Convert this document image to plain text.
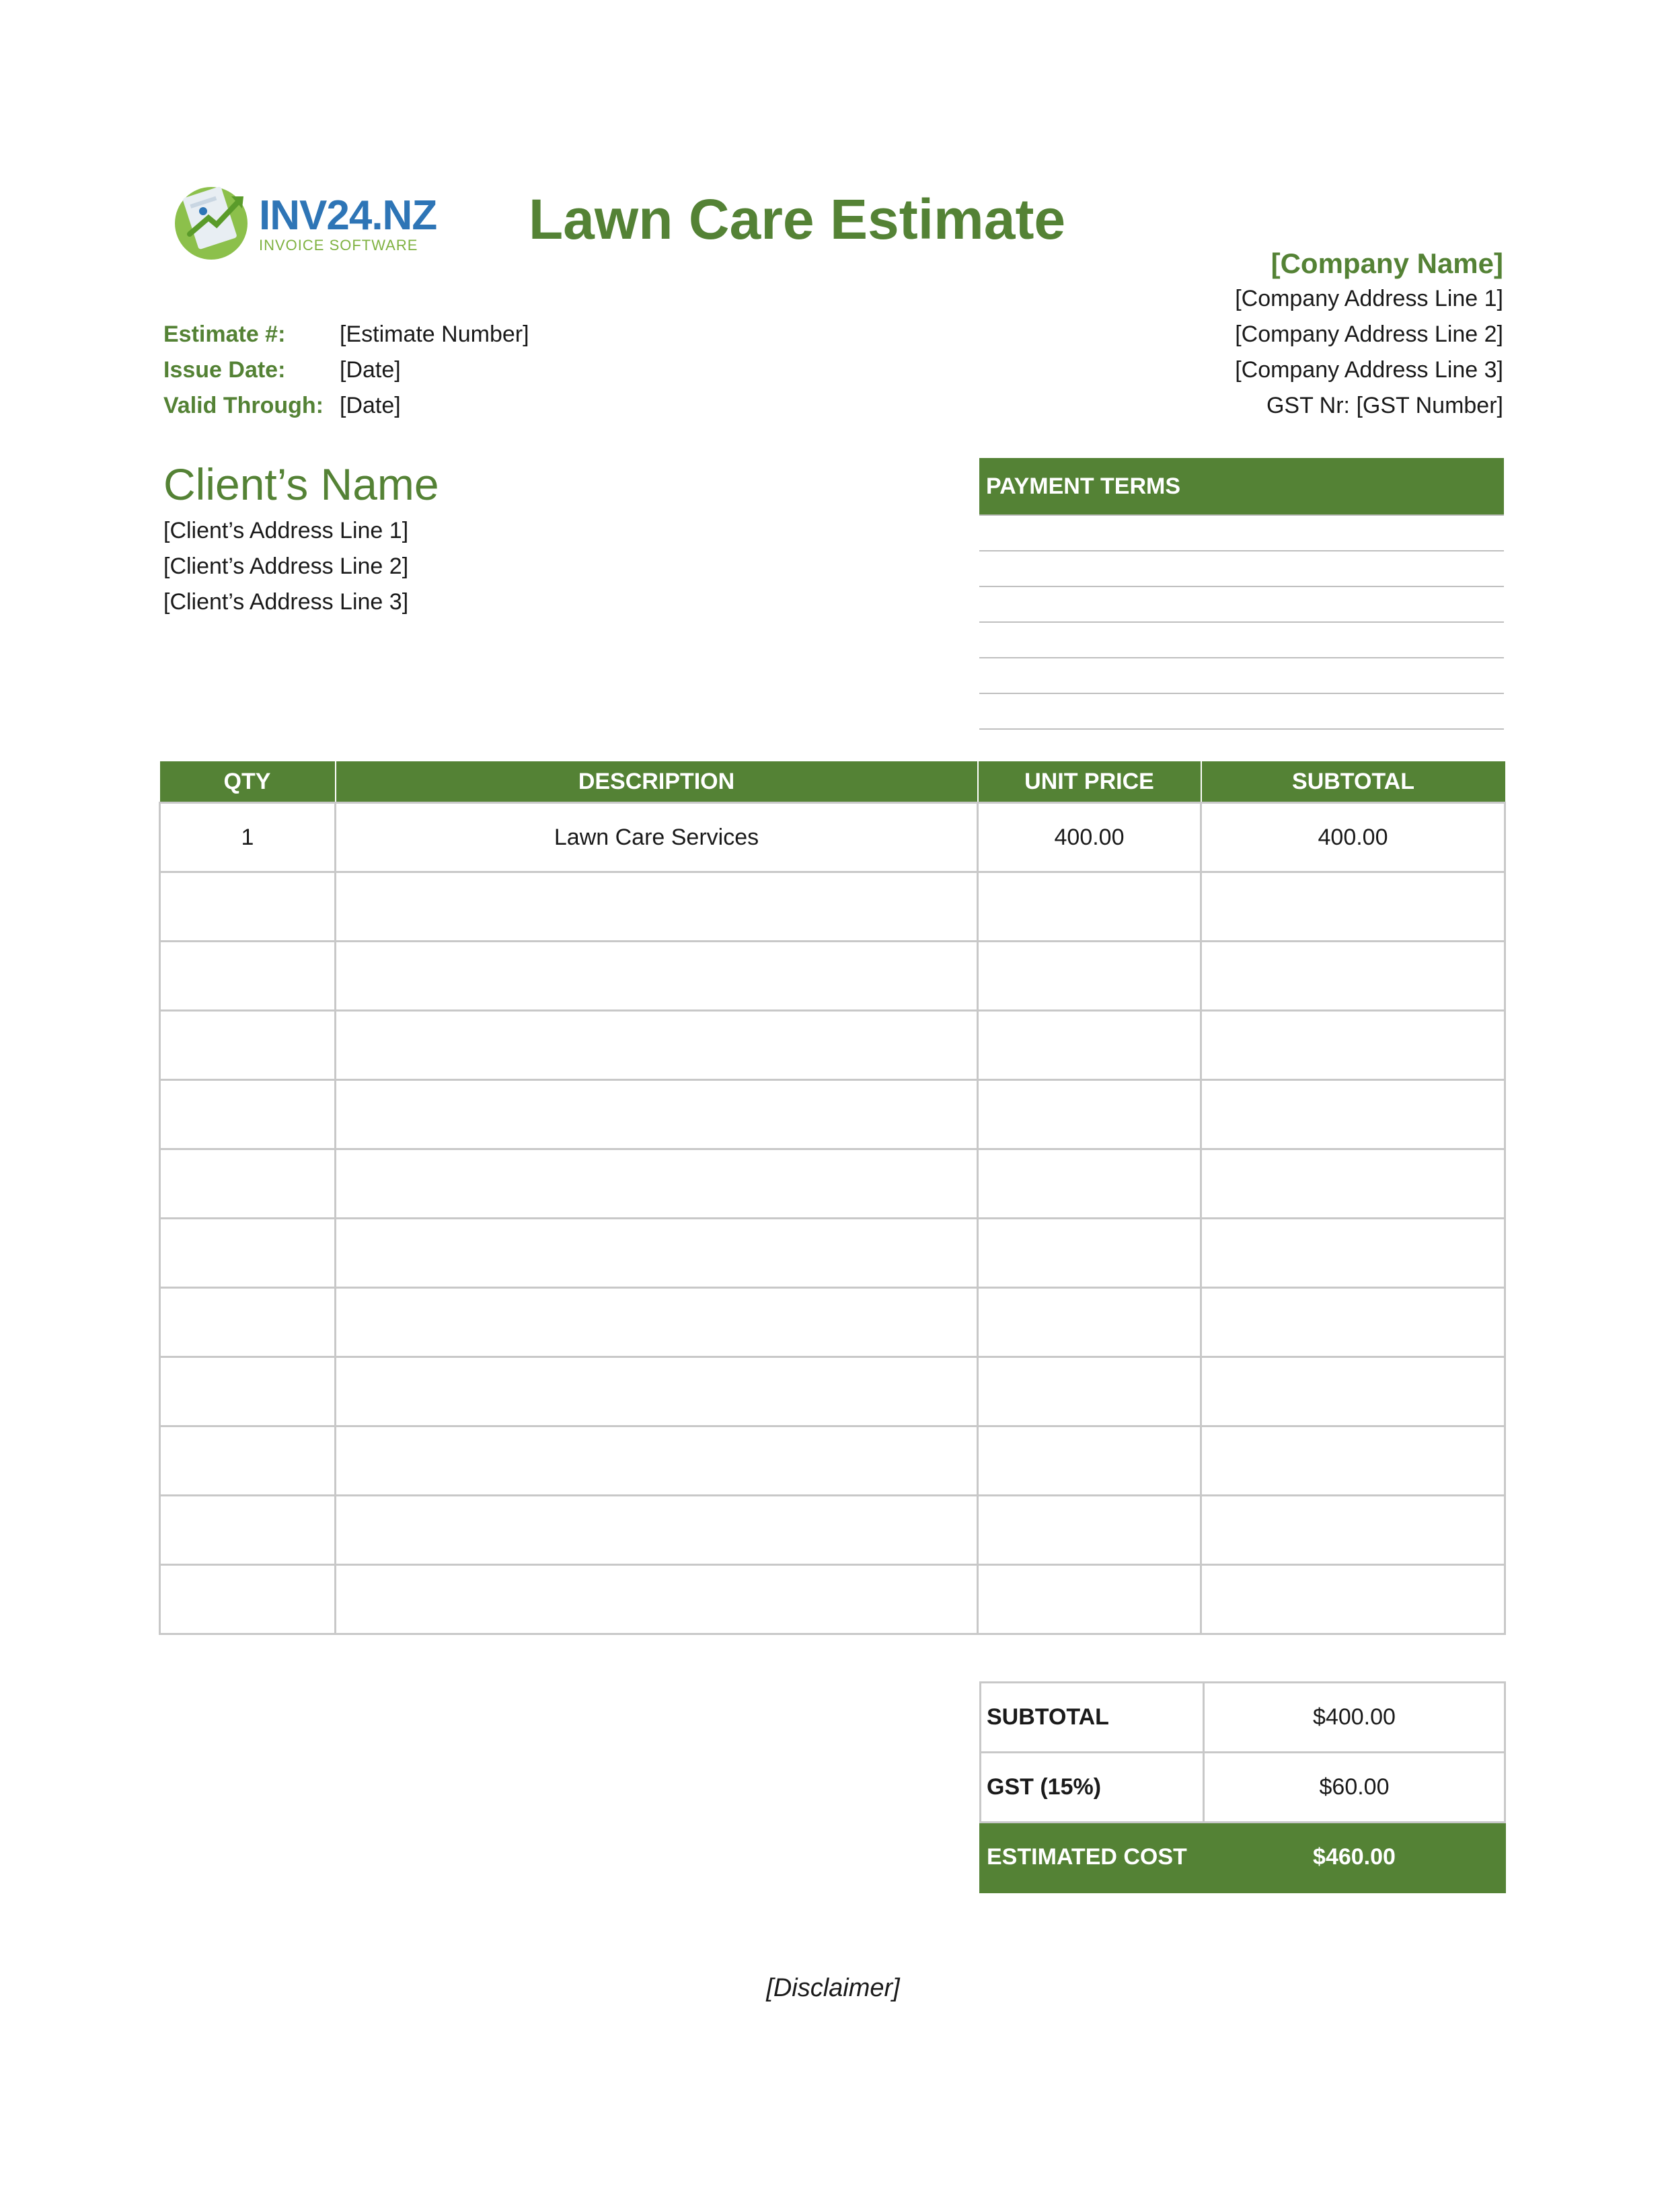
INV24.NZ
INVOICE SOFTWARE	Lawn Care Estimate
[Company Name]
[Company Address Line 1]
[Company Address Line 2]
[Company Address Line 3]
GST Nr: [GST Number]
Estimate #: [Estimate Number]
Issue Date: [Date]
Valid Through: [Date]
Client’s Name
[Client’s Address Line 1]
[Client’s Address Line 2]
[Client’s Address Line 3]
PAYMENT TERMS
QTY	DESCRIPTION	UNIT PRICE	SUBTOTAL
1	Lawn Care Services	400.00	400.00

SUBTOTAL	$400.00
GST (15%)	$60.00
ESTIMATED COST	$460.00
[Disclaimer]
